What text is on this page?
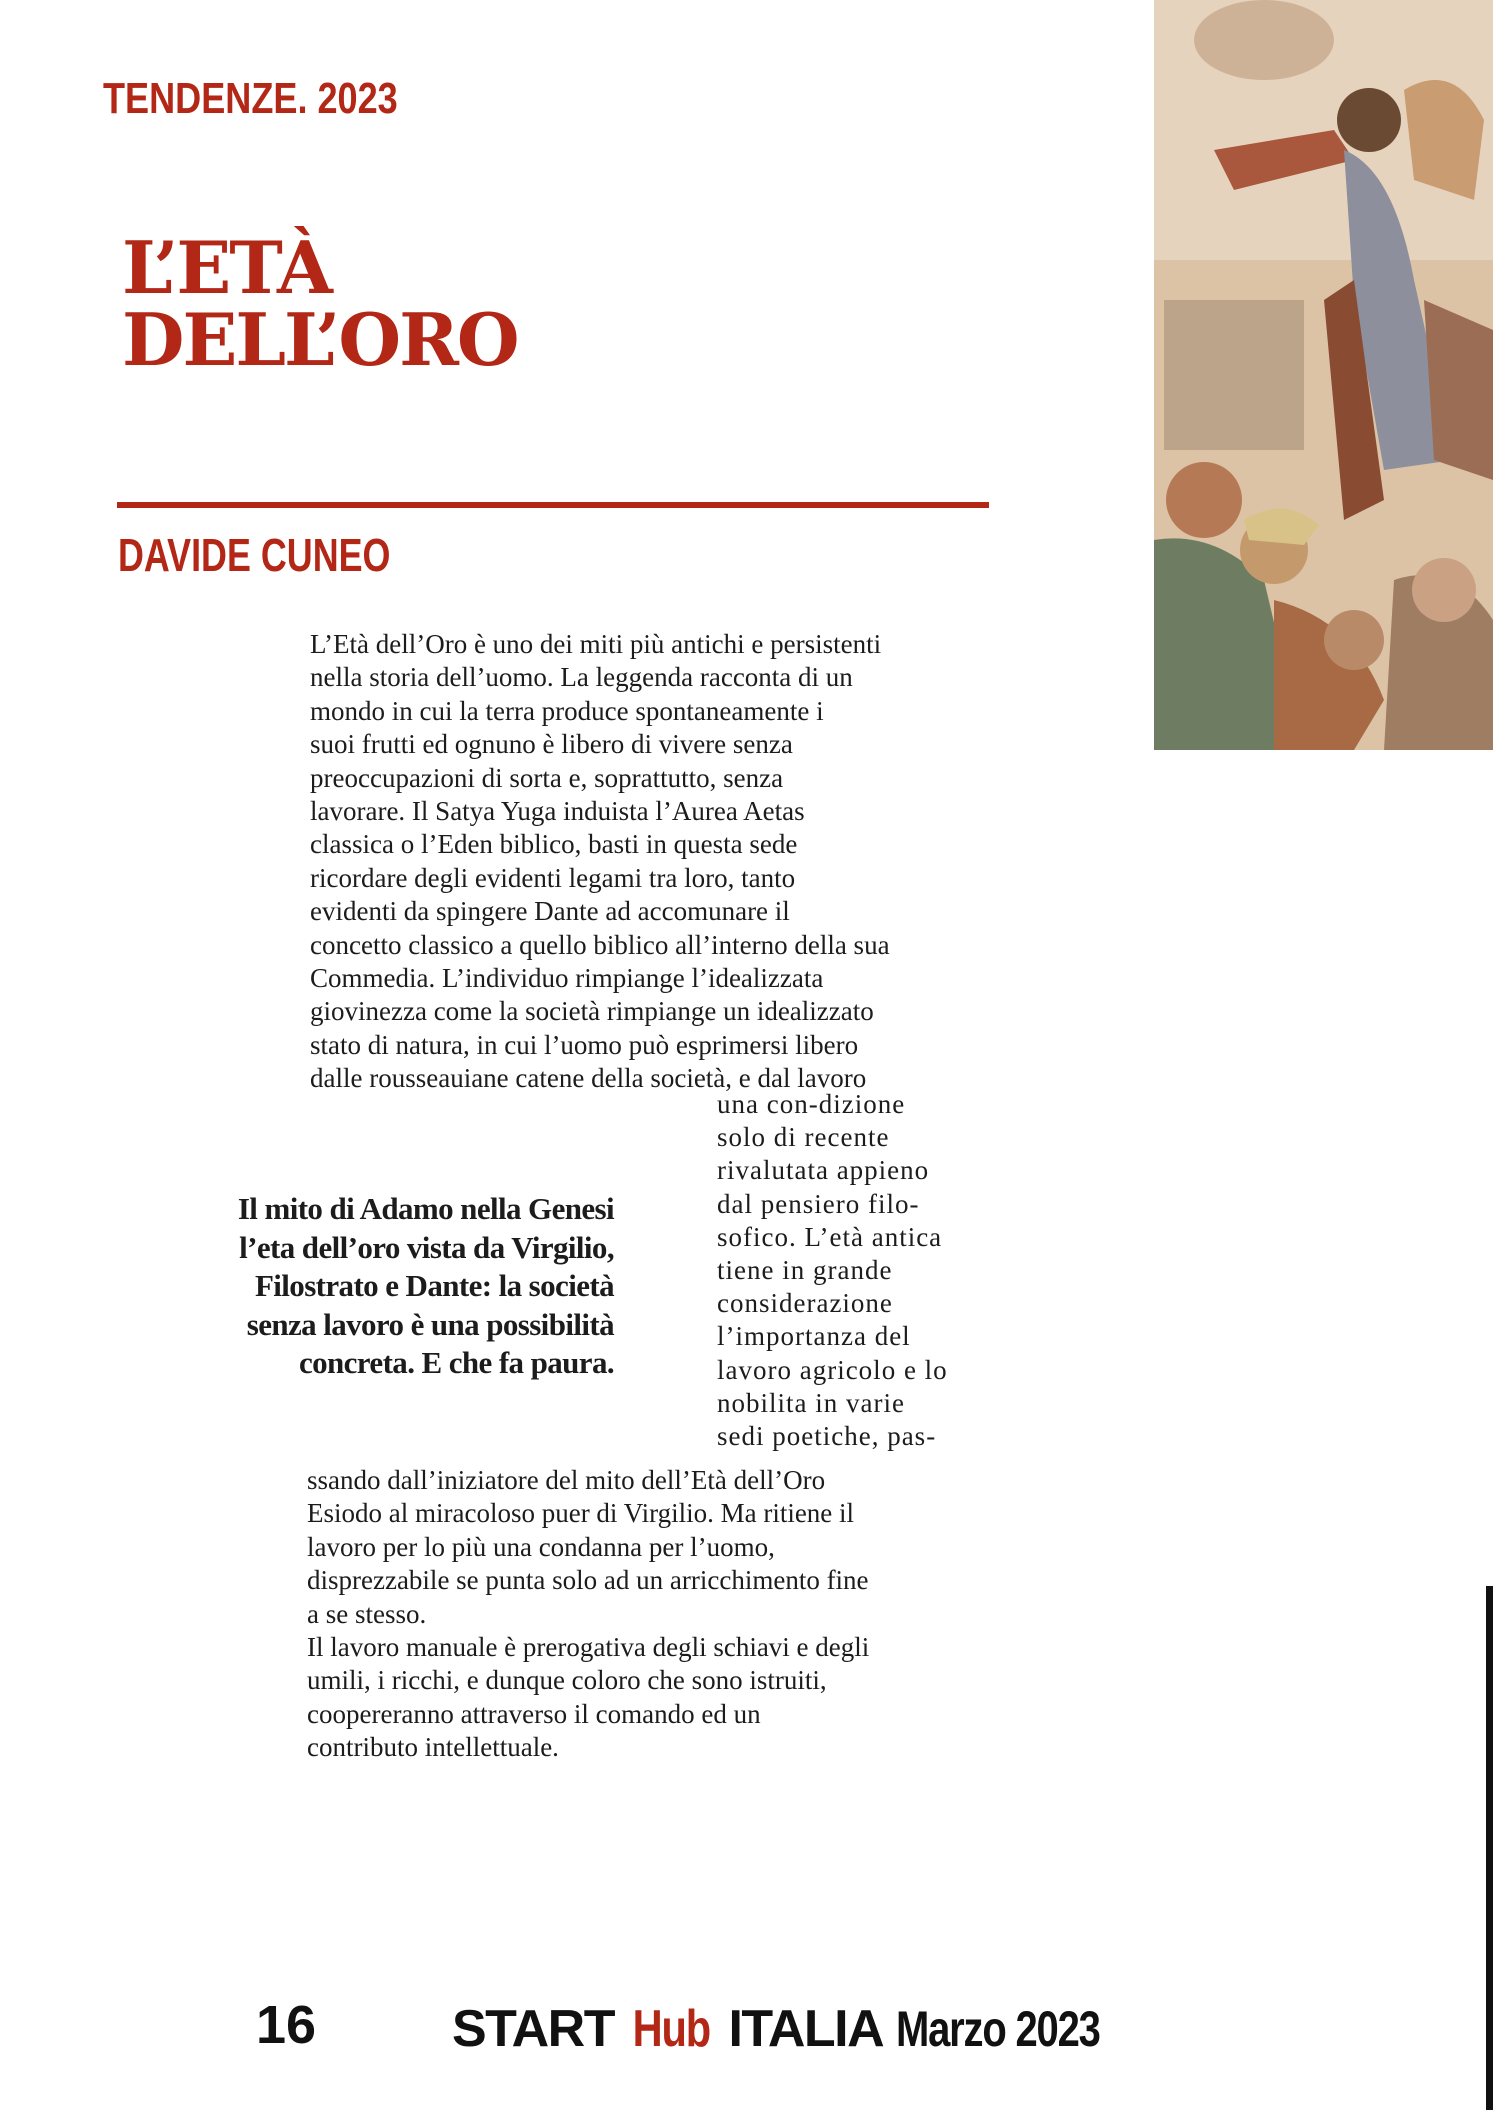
TENDENZE. 2023
L’ETÀ
DELL’ORO
DAVIDE CUNEO
L’Età dell’Oro è uno dei miti più antichi e persistenti
nella storia dell’uomo. La leggenda racconta di un
mondo in cui la terra produce spontaneamente i
suoi frutti ed ognuno è libero di vivere senza
preoccupazioni di sorta e, soprattutto, senza
lavorare. Il Satya Yuga induista l’Aurea Aetas
classica o l’Eden biblico, basti in questa sede
ricordare degli evidenti legami tra loro, tanto
evidenti da spingere Dante ad accomunare il
concetto classico a quello biblico all’interno della sua
Commedia. L’individuo rimpiange l’idealizzata
giovinezza come la società rimpiange un idealizzato
stato di natura, in cui l’uomo può esprimersi libero
dalle rousseauiane catene della società, e dal lavoro
una con-dizione
solo di recente
rivalutata appieno
dal pensiero filo-
sofico. L’età antica
tiene in grande
considerazione
l’importanza del
lavoro agricolo e lo
nobilita in varie
sedi poetiche, pas-
Il mito di Adamo nella Genesi
l’eta dell’oro vista da Virgilio,
Filostrato e Dante: la società
senza lavoro è una possibilità
concreta. E che fa paura.
ssando dall’iniziatore del mito dell’Età dell’Oro
Esiodo al miracoloso puer di Virgilio. Ma ritiene il
lavoro per lo più una condanna per l’uomo,
disprezzabile se punta solo ad un arricchimento fine
a se stesso.
Il lavoro manuale è prerogativa degli schiavi e degli
umili, i ricchi, e dunque coloro che sono istruiti,
coopereranno attraverso il comando ed un
contributo intellettuale.
16	START Hub ITALIA Marzo 2023
